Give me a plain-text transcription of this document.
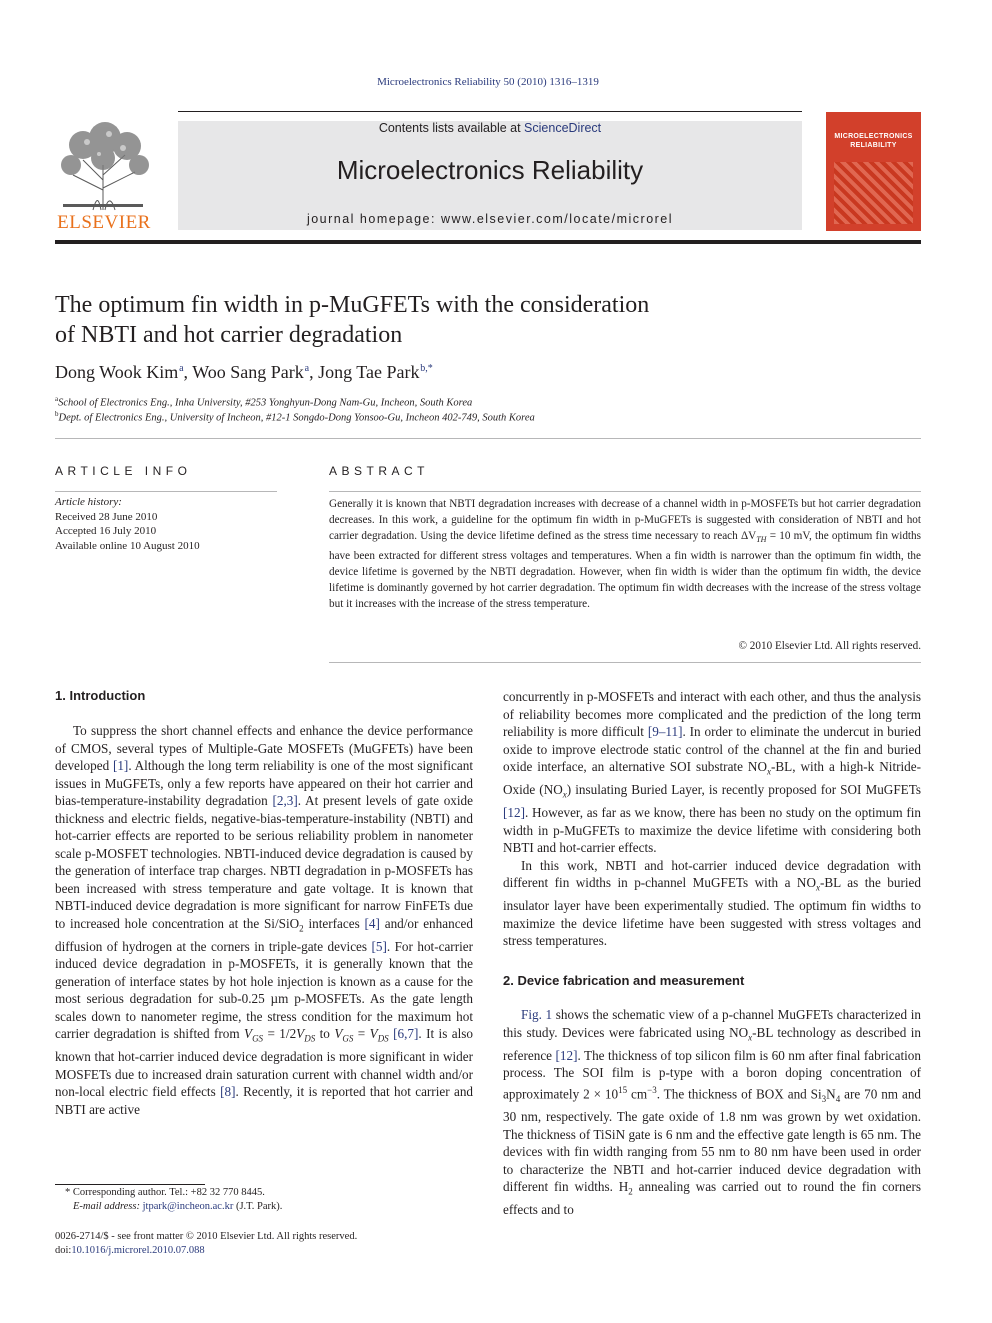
Microelectronics Reliability 50 (2010) 1316–1319
ELSEVIER
Contents lists available at ScienceDirect
Microelectronics Reliability
journal homepage: www.elsevier.com/locate/microrel
MICROELECTRONICS
RELIABILITY
The optimum fin width in p-MuGFETs with the consideration
of NBTI and hot carrier degradation
Dong Wook Kim $^a$, Woo Sang Park $^a$, Jong Tae Park $^{b,*}$
$^a$School of Electronics Eng., Inha University, #253 Yonghyun-Dong Nam-Gu, Incheon, South Korea
$^b$Dept. of Electronics Eng., University of Incheon, #12-1 Songdo-Dong Yonsoo-Gu, Incheon 402-749, South Korea
ARTICLE INFO
Article history:
Received 28 June 2010
Accepted 16 July 2010
Available online 10 August 2010
ABSTRACT
Generally it is known that NBTI degradation increases with decrease of a channel width in p-MOSFETs but hot carrier degradation decreases. In this work, a guideline for the optimum fin width in p-MuGFETs is suggested with consideration of NBTI and hot carrier degradation. Using the device lifetime defined as the stress time necessary to reach $\Delta V_{TH} = 10$ mV, the optimum fin widths have been extracted for different stress voltages and temperatures. When a fin width is narrower than the optimum fin width, the device lifetime is governed by the NBTI degradation. However, when fin width is wider than the optimum fin width, the device lifetime is dominantly governed by hot carrier degradation. The optimum fin width decreases with the increase of the stress voltage but it increases with the increase of the stress temperature.
© 2010 Elsevier Ltd. All rights reserved.
1. Introduction

To suppress the short channel effects and enhance the device performance of CMOS, several types of Multiple-Gate MOSFETs (MuGFETs) have been developed [1]. Although the long term reliability is one of the most significant issues in MuGFETs, only a few reports have appeared on their hot carrier and bias-temperature-instability degradation [2,3]. At present levels of gate oxide thickness and electric fields, negative-bias-temperature-instability (NBTI) and hot-carrier effects are reported to be serious reliability problem in nanometer scale p-MOSFET technologies. NBTI-induced device degradation is caused by the generation of interface trap charges. NBTI degradation in p-MOSFETs has been increased with stress temperature and gate voltage. It is known that NBTI-induced device degradation is more significant for narrow FinFETs due to increased hole concentration at the Si/SiO$_2$ interfaces [4] and/or enhanced diffusion of hydrogen at the corners in triple-gate devices [5]. For hot-carrier induced device degradation in p-MOSFETs, it is generally known that the generation of interface states by hot hole injection is known as a cause for the most serious degradation for sub-0.25 µm p-MOSFETs. As the gate length scales down to nanometer regime, the stress condition for the maximum hot carrier degradation is shifted from $V_{GS} = 1/2V_{DS}$ to $V_{GS} = V_{DS}$ [6,7]. It is also known that hot-carrier induced device degradation is more significant in wider MOSFETs due to increased drain saturation current with channel width and/or non-local electric field effects [8]. Recently, it is reported that hot carrier and NBTI are active

* Corresponding author. Tel.: +82 32 770 8445.
E-mail address: jtpark@incheon.ac.kr (J.T. Park).
0026-2714/$ - see front matter © 2010 Elsevier Ltd. All rights reserved.
doi:10.1016/j.microrel.2010.07.088

concurrently in p-MOSFETs and interact with each other, and thus the analysis of reliability becomes more complicated and the prediction of the long term reliability is more difficult [9–11]. In order to eliminate the undercut in buried oxide to improve electrode static control of the channel at the fin and buried oxide interface, an alternative SOI substrate $NO_x-BL$, with a high-k Nitride-Oxide $(NO_x)$ insulating Buried Layer, is recently proposed for SOI MuGFETs [12]. However, as far as we know, there has been no study on the optimum fin width in p-MuGFETs to maximize the device lifetime with considering both NBTI and hot-carrier effects.

In this work, NBTI and hot-carrier induced device degradation with different fin widths in p-channel MuGFETs with a $NO_x-BL$ as the buried insulator layer have been experimentally studied. The optimum fin widths to maximize the device lifetime have been suggested with stress voltages and stress temperatures.

2. Device fabrication and measurement

Fig. 1 shows the schematic view of a p-channel MuGFETs characterized in this study. Devices were fabricated using $NO_x-BL$ technology as described in reference [12]. The thickness of top silicon film is 60 nm after final fabrication process. The SOI film is p-type with a boron doping concentration of approximately $2 \times 10^{15}$ $cm^{-3}$. The thickness of BOX and $Si_3N_4$ are 70 nm and 30 nm, respectively. The gate oxide of 1.8 nm was grown by wet oxidation. The thickness of TiSiN gate is 6 nm and the effective gate length is 65 nm. The devices with fin width ranging from 55 nm to 80 nm have been used in order to characterize the NBTI and hot-carrier induced device degradation with different fin widths. $H_2$ annealing was carried out to round the fin corners effects and to
